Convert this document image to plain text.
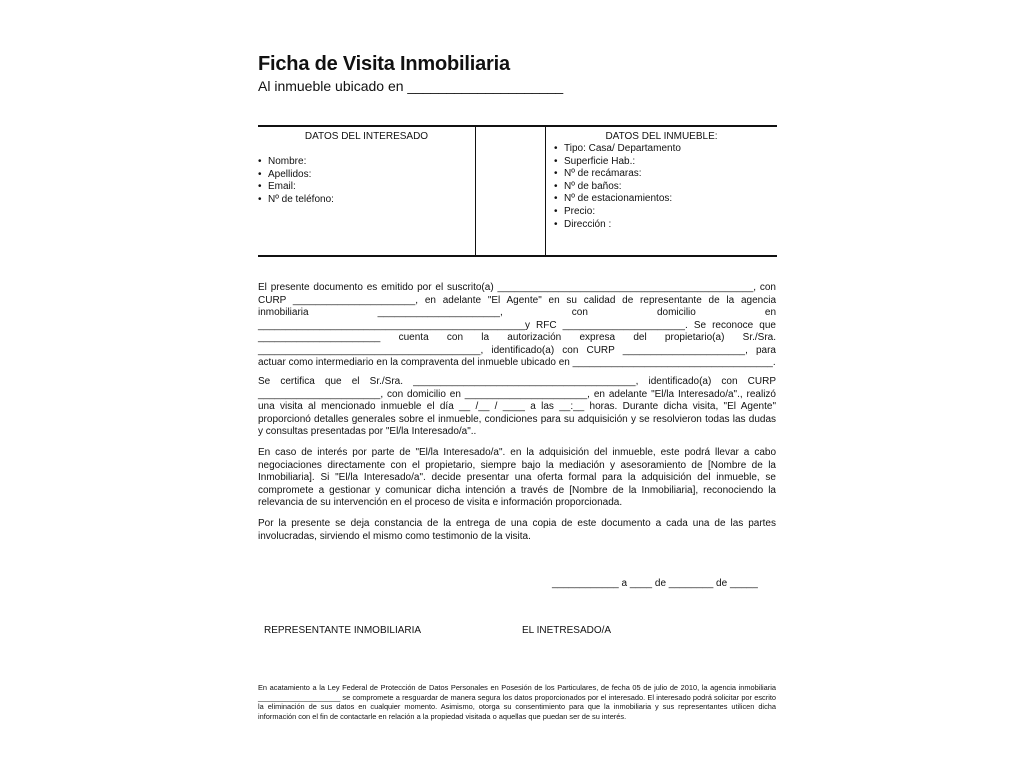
Ficha de Visita Inmobiliaria
Al inmueble ubicado en ____________________
DATOS DEL INTERESADO
• Nombre:
• Apellidos:
• Email:
• Nº de teléfono:
DATOS DEL INMUEBLE:
• Tipo: Casa/ Departamento
• Superficie Hab.:
• Nº de recámaras:
• Nº de baños:
• Nº de estacionamientos:
• Precio:
• Dirección :

El presente documento es emitido por el suscrito(a) ______________________________________________, con CURP ______________________, en adelante "El Agente" en su calidad de representante de la agencia inmobiliaria ______________________, con domicilio en ________________________________________________y RFC ______________________. Se reconoce que ______________________ cuenta con la autorización expresa del propietario(a) Sr./Sra. ________________________________________, identificado(a) con CURP ______________________, para actuar como intermediario en la compraventa del inmueble ubicado en ____________________________________.

Se certifica que el Sr./Sra. ________________________________________, identificado(a) con CURP ______________________, con domicilio en ______________________, en adelante "El/la Interesado/a"., realizó una visita al mencionado inmueble el día __ /__ / ____ a las __:__ horas. Durante dicha visita, "El Agente" proporcionó detalles generales sobre el inmueble, condiciones para su adquisición y se resolvieron todas las dudas y consultas presentadas por "El/la Interesado/a"..

En caso de interés por parte de "El/la Interesado/a". en la adquisición del inmueble, este podrá llevar a cabo negociaciones directamente con el propietario, siempre bajo la mediación y asesoramiento de [Nombre de la Inmobiliaria]. Si "El/la Interesado/a". decide presentar una oferta formal para la adquisición del inmueble, se compromete a gestionar y comunicar dicha intención a través de [Nombre de la Inmobiliaria], reconociendo la relevancia de su intervención en el proceso de visita e información proporcionada.

Por la presente se deja constancia de la entrega de una copia de este documento a cada una de las partes involucradas, sirviendo el mismo como testimonio de la visita.

____________ a ____ de ________ de _____
REPRESENTANTE INMOBILIARIA	EL INETRESADO/A

En acatamiento a la Ley Federal de Protección de Datos Personales en Posesión de los Particulares, de fecha 05 de julio de 2010, la agencia inmobiliaria ____________________ se compromete a resguardar de manera segura los datos proporcionados por el interesado. El interesado podrá solicitar por escrito la eliminación de sus datos en cualquier momento. Asimismo, otorga su consentimiento para que la inmobiliaria y sus representantes utilicen dicha información con el fin de contactarle en relación a la propiedad visitada o aquellas que puedan ser de su interés.
